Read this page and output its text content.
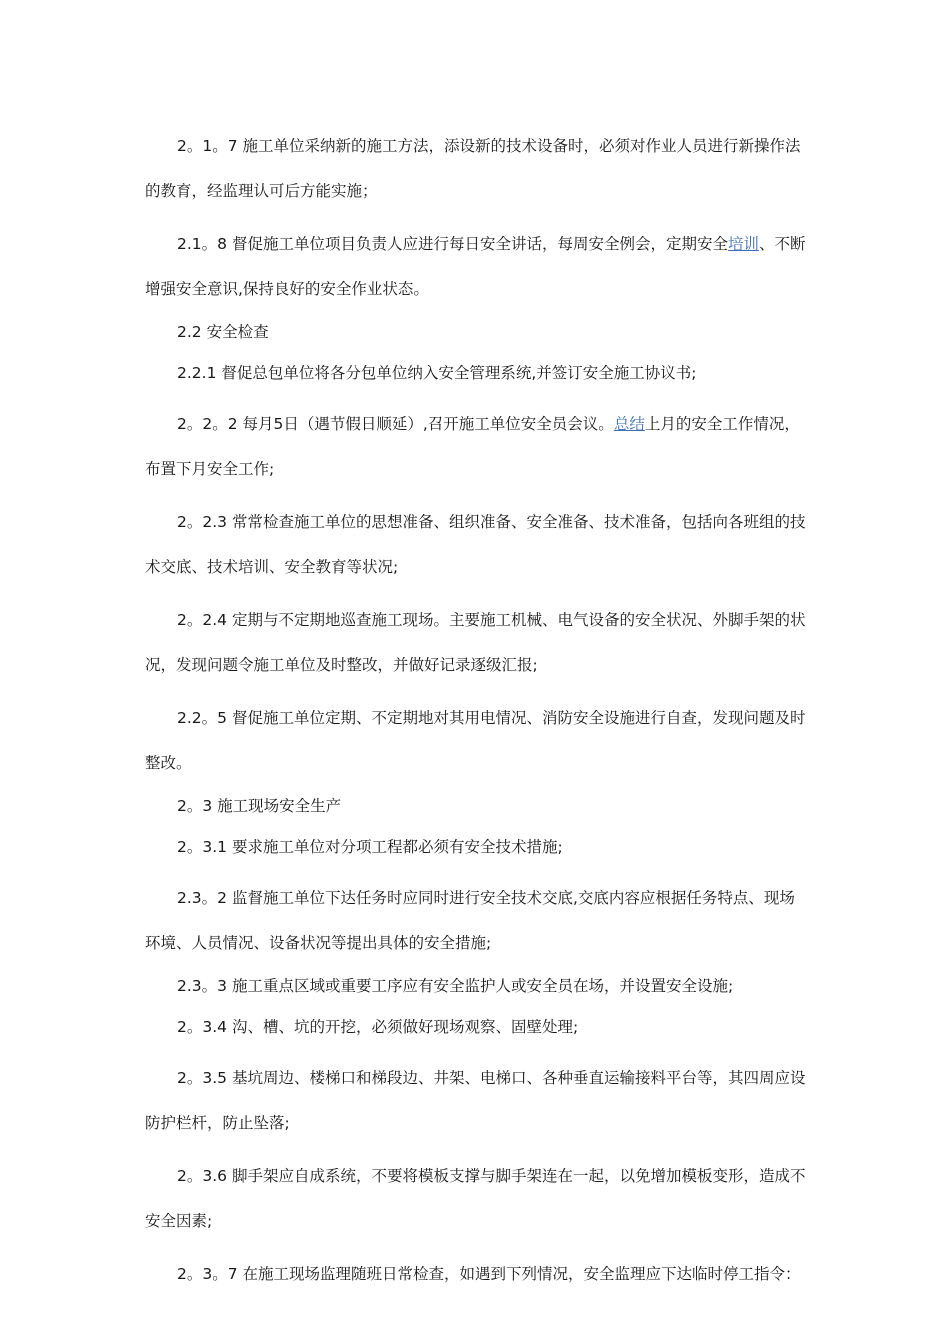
2。1。7 施工单位采纳新的施工方法，添设新的技术设备时，必须对作业人员进行新操作法的教育，经监理认可后方能实施；

2.1。8 督促施工单位项目负责人应进行每日安全讲话，每周安全例会，定期安全培训、不断增强安全意识,保持良好的安全作业状态。

2.2 安全检查

2.2.1 督促总包单位将各分包单位纳入安全管理系统,并签订安全施工协议书;

2。2。2 每月5日（遇节假日顺延）,召开施工单位安全员会议。总结上月的安全工作情况，布置下月安全工作;

2。2.3 常常检查施工单位的思想准备、组织准备、安全准备、技术准备，包括向各班组的技术交底、技术培训、安全教育等状况;

2。2.4 定期与不定期地巡查施工现场。主要施工机械、电气设备的安全状况、外脚手架的状况，发现问题令施工单位及时整改，并做好记录逐级汇报;

2.2。5 督促施工单位定期、不定期地对其用电情况、消防安全设施进行自查，发现问题及时整改。

2。3 施工现场安全生产

2。3.1 要求施工单位对分项工程都必须有安全技术措施;

2.3。2 监督施工单位下达任务时应同时进行安全技术交底,交底内容应根据任务特点、现场环境、人员情况、设备状况等提出具体的安全措施;

2.3。3 施工重点区域或重要工序应有安全监护人或安全员在场，并设置安全设施;

2。3.4 沟、槽、坑的开挖，必须做好现场观察、固壁处理;

2。3.5 基坑周边、楼梯口和梯段边、井架、电梯口、各种垂直运输接料平台等，其四周应设防护栏杆，防止坠落;

2。3.6 脚手架应自成系统，不要将模板支撑与脚手架连在一起，以免增加模板变形，造成不安全因素;

2。3。7 在施工现场监理随班日常检查，如遇到下列情况，安全监理应下达临时停工指令：
